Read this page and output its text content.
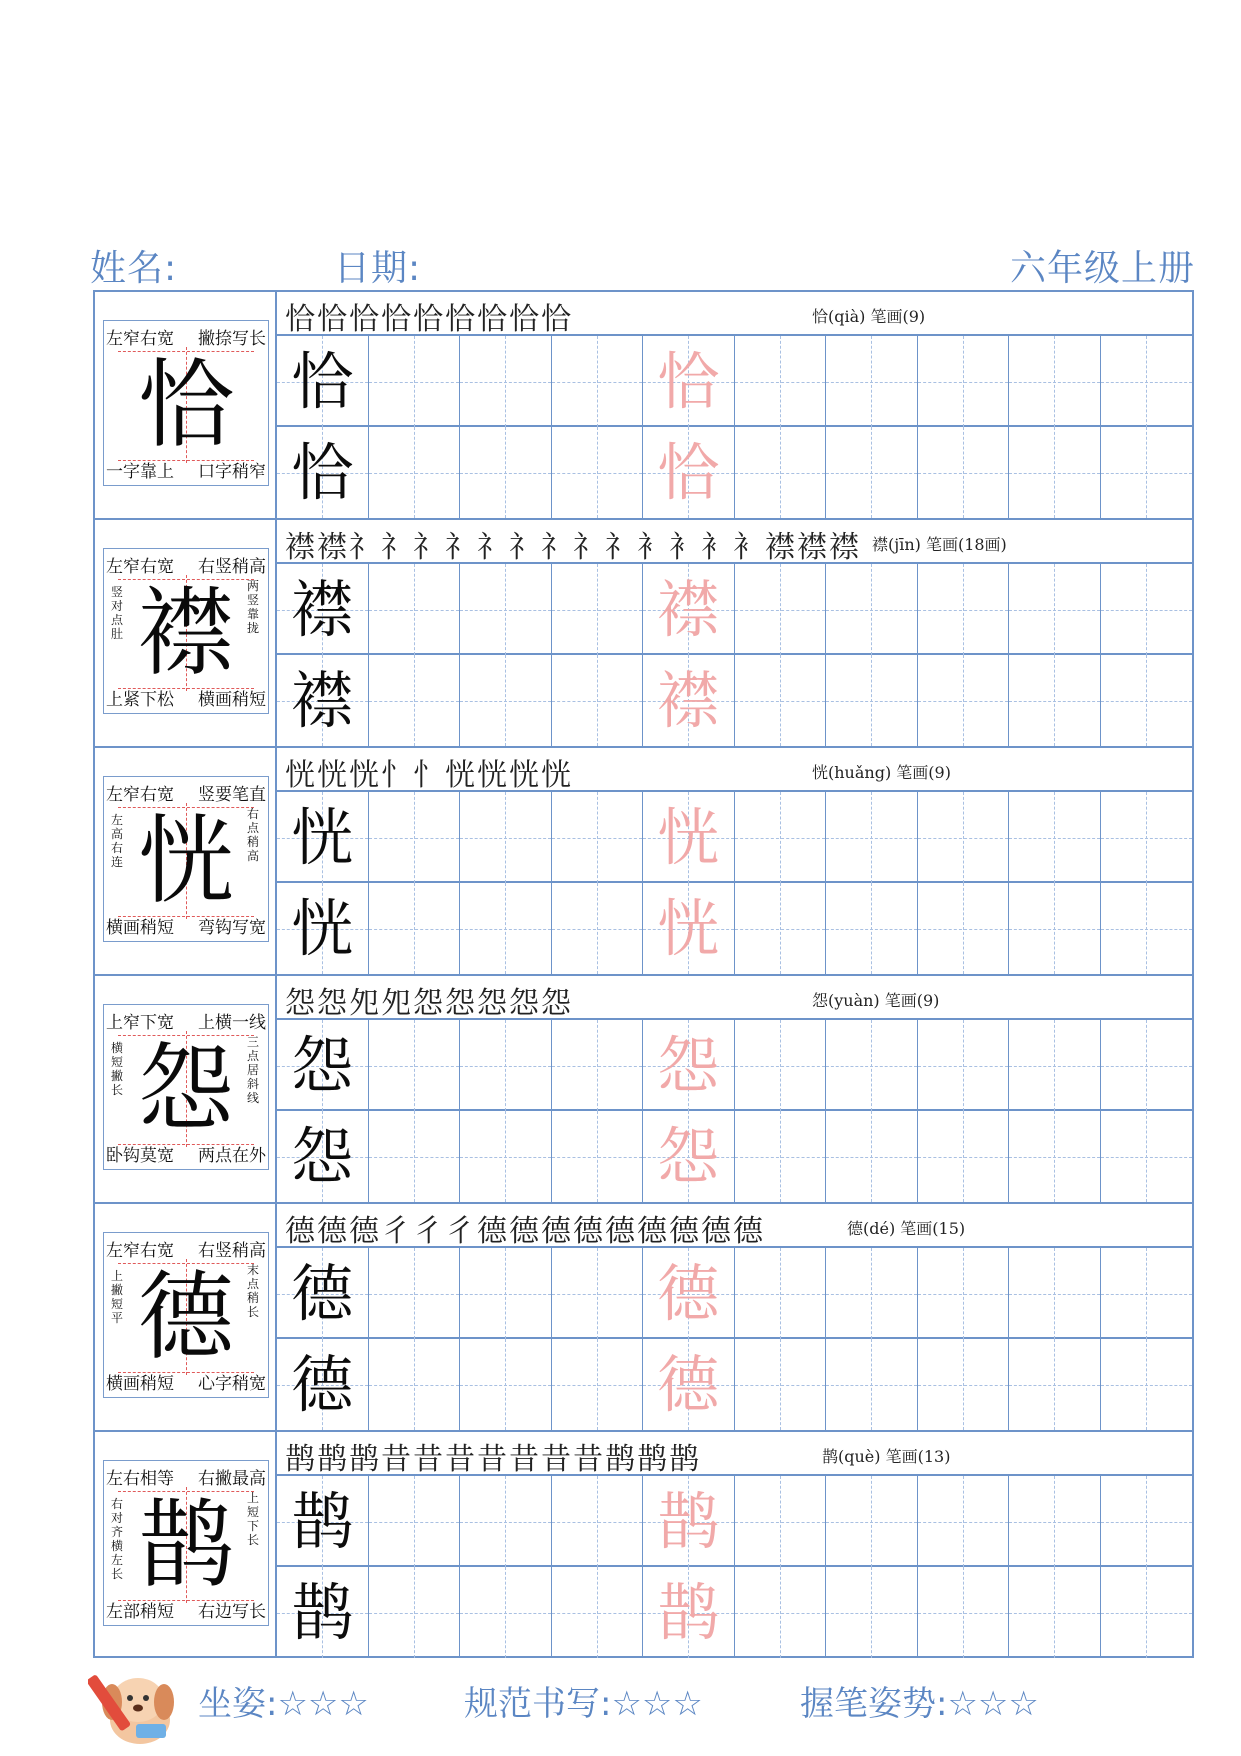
姓名:	日期:	六年级上册
左窄右宽 撇捺写长
一字靠上 口字稍窄
恰
恰恰恰恰恰恰恰恰恰	恰(qià) 笔画(9)
恰	恰
恰	恰
左窄右宽 右竖稍高
上紧下松 横画稍短
襟
竖对点肚
两竖靠拢
襟襟礻礻礻礻礻礻礻礻礻衤衤衤衤襟襟襟 襟(jīn) 笔画(18画)
襟	襟
襟	襟
左窄右宽 竖要笔直
横画稍短 弯钩写宽
恍
左高右连
右点稍高
恍恍恍忄忄恍恍恍恍	恍(huǎng) 笔画(9)
恍	恍
恍	恍
上窄下宽 上横一线
卧钩莫宽 两点在外
怨
横短撇长
三点居斜线
怨怨夗夗怨怨怨怨怨	怨(yuàn) 笔画(9)
怨	怨
怨	怨
左窄右宽 右竖稍高
横画稍短 心字稍宽
德
上撇短平
末点稍长
德德德彳彳彳德德德德德德德德德	德(dé) 笔画(15)
德	德
德	德
左右相等 右撇最高
左部稍短 右边写长
鹊
右对齐横左长
上短下长
鹊鹊鹊昔昔昔昔昔昔昔鹊鹊鹊	鹊(què) 笔画(13)
鹊	鹊
鹊	鹊
坐姿:☆☆☆	规范书写:☆☆☆	握笔姿势:☆☆☆
